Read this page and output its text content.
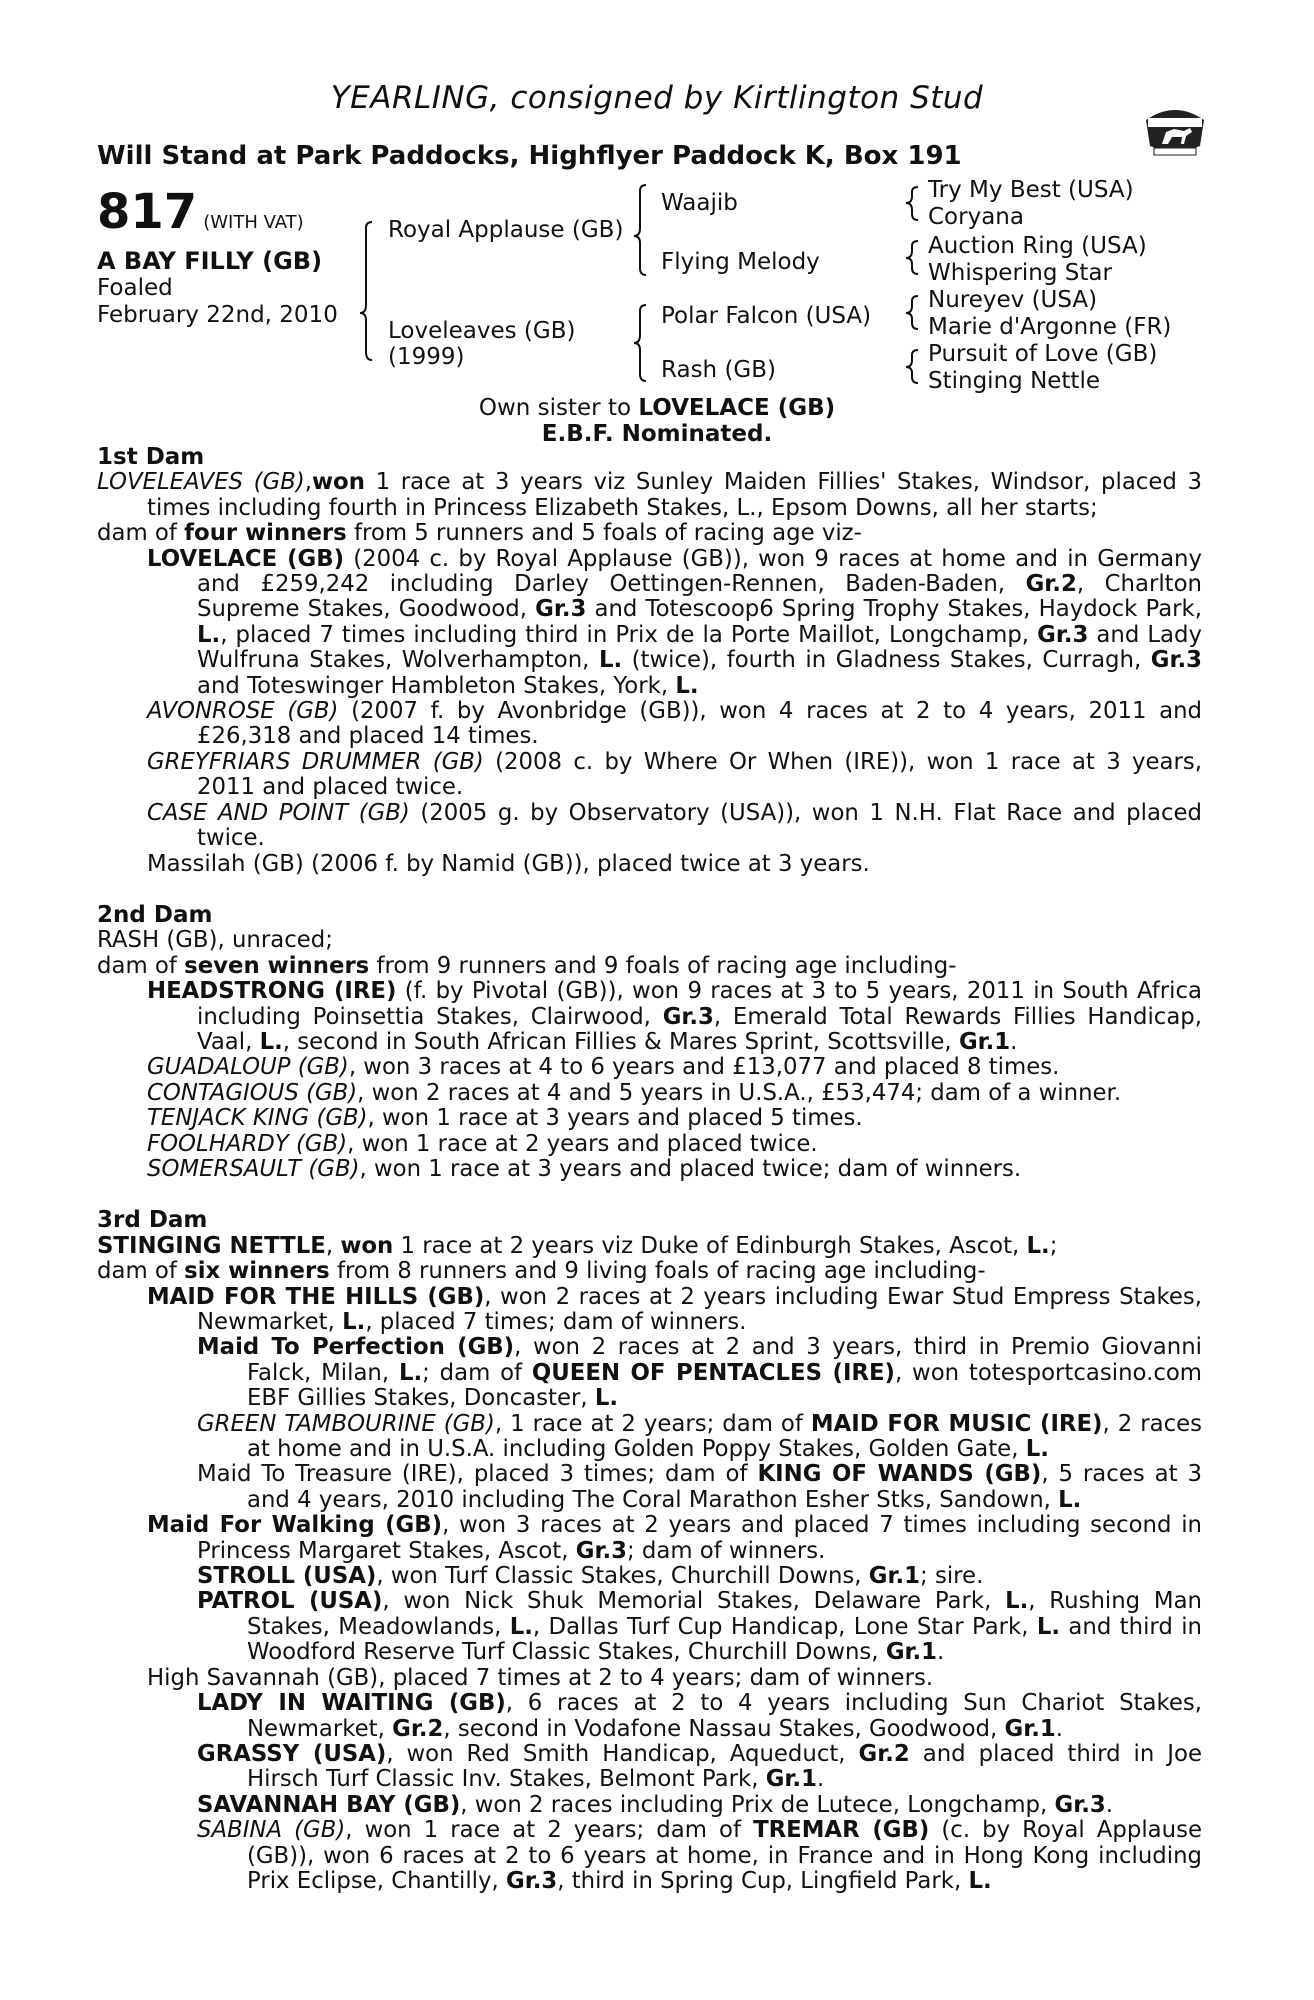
YEARLING, consigned by Kirtlington Stud
Will Stand at Park Paddocks, Highflyer Paddock K, Box 191
817 (WITH VAT)
A BAY FILLY (GB)
Foaled
February 22nd, 2010
Royal Applause (GB)
Loveleaves (GB)
(1999)
Waajib
Flying Melody
Polar Falcon (USA)
Rash (GB)
Try My Best (USA)
Coryana
Auction Ring (USA)
Whispering Star
Nureyev (USA)
Marie d'Argonne (FR)
Pursuit of Love (GB)
Stinging Nettle
Own sister to LOVELACE (GB)
E.B.F. Nominated.
1st Dam

LOVELEAVES (GB),won 1 race at 3 years viz Sunley Maiden Fillies' Stakes, Windsor, placed 3 times including fourth in Princess Elizabeth Stakes, L., Epsom Downs, all her starts;

dam of four winners from 5 runners and 5 foals of racing age viz-

LOVELACE (GB) (2004 c. by Royal Applause (GB)), won 9 races at home and in Germany and £259,242 including Darley Oettingen-Rennen, Baden-Baden, Gr.2, Charlton Supreme Stakes, Goodwood, Gr.3 and Totescoop6 Spring Trophy Stakes, Haydock Park, L., placed 7 times including third in Prix de la Porte Maillot, Longchamp, Gr.3 and Lady Wulfruna Stakes, Wolverhampton, L. (twice), fourth in Gladness Stakes, Curragh, Gr.3 and Toteswinger Hambleton Stakes, York, L.

AVONROSE (GB) (2007 f. by Avonbridge (GB)), won 4 races at 2 to 4 years, 2011 and £26,318 and placed 14 times.

GREYFRIARS DRUMMER (GB) (2008 c. by Where Or When (IRE)), won 1 race at 3 years, 2011 and placed twice.

CASE AND POINT (GB) (2005 g. by Observatory (USA)), won 1 N.H. Flat Race and placed twice.

Massilah (GB) (2006 f. by Namid (GB)), placed twice at 3 years.

2nd Dam

RASH (GB), unraced;

dam of seven winners from 9 runners and 9 foals of racing age including-

HEADSTRONG (IRE) (f. by Pivotal (GB)), won 9 races at 3 to 5 years, 2011 in South Africa including Poinsettia Stakes, Clairwood, Gr.3, Emerald Total Rewards Fillies Handicap, Vaal, L., second in South African Fillies & Mares Sprint, Scottsville, Gr.1.

GUADALOUP (GB), won 3 races at 4 to 6 years and £13,077 and placed 8 times.

CONTAGIOUS (GB), won 2 races at 4 and 5 years in U.S.A., £53,474; dam of a winner.

TENJACK KING (GB), won 1 race at 3 years and placed 5 times.

FOOLHARDY (GB), won 1 race at 2 years and placed twice.

SOMERSAULT (GB), won 1 race at 3 years and placed twice; dam of winners.

3rd Dam

STINGING NETTLE, won 1 race at 2 years viz Duke of Edinburgh Stakes, Ascot, L.;

dam of six winners from 8 runners and 9 living foals of racing age including-

MAID FOR THE HILLS (GB), won 2 races at 2 years including Ewar Stud Empress Stakes, Newmarket, L., placed 7 times; dam of winners.

Maid To Perfection (GB), won 2 races at 2 and 3 years, third in Premio Giovanni Falck, Milan, L.; dam of QUEEN OF PENTACLES (IRE), won totesportcasino.com EBF Gillies Stakes, Doncaster, L.

GREEN TAMBOURINE (GB), 1 race at 2 years; dam of MAID FOR MUSIC (IRE), 2 races at home and in U.S.A. including Golden Poppy Stakes, Golden Gate, L.

Maid To Treasure (IRE), placed 3 times; dam of KING OF WANDS (GB), 5 races at 3 and 4 years, 2010 including The Coral Marathon Esher Stks, Sandown, L.

Maid For Walking (GB), won 3 races at 2 years and placed 7 times including second in Princess Margaret Stakes, Ascot, Gr.3; dam of winners.

STROLL (USA), won Turf Classic Stakes, Churchill Downs, Gr.1; sire.

PATROL (USA), won Nick Shuk Memorial Stakes, Delaware Park, L., Rushing Man Stakes, Meadowlands, L., Dallas Turf Cup Handicap, Lone Star Park, L. and third in Woodford Reserve Turf Classic Stakes, Churchill Downs, Gr.1.

High Savannah (GB), placed 7 times at 2 to 4 years; dam of winners.

LADY IN WAITING (GB), 6 races at 2 to 4 years including Sun Chariot Stakes, Newmarket, Gr.2, second in Vodafone Nassau Stakes, Goodwood, Gr.1.

GRASSY (USA), won Red Smith Handicap, Aqueduct, Gr.2 and placed third in Joe Hirsch Turf Classic Inv. Stakes, Belmont Park, Gr.1.

SAVANNAH BAY (GB), won 2 races including Prix de Lutece, Longchamp, Gr.3.

SABINA (GB), won 1 race at 2 years; dam of TREMAR (GB) (c. by Royal Applause (GB)), won 6 races at 2 to 6 years at home, in France and in Hong Kong including Prix Eclipse, Chantilly, Gr.3, third in Spring Cup, Lingfield Park, L.
